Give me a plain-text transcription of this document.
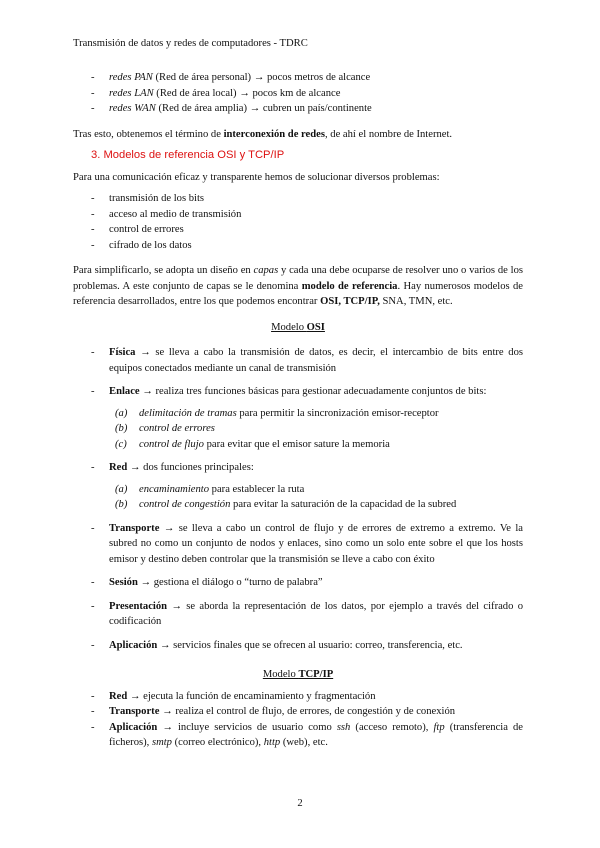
Transmisión de datos y redes de computadores - TDRC
- redes PAN (Red de área personal) → pocos metros de alcance
- redes LAN (Red de área local) → pocos km de alcance
- redes WAN (Red de área amplia) → cubren un país/continente

Tras esto, obtenemos el término de interconexión de redes, de ahí el nombre de Internet.

3. Modelos de referencia OSI y TCP/IP

Para una comunicación eficaz y transparente hemos de solucionar diversos problemas:

- transmisión de los bits
- acceso al medio de transmisión
- control de errores
- cifrado de los datos

Para simplificarlo, se adopta un diseño en capas y cada una debe ocuparse de resolver uno o varios de los problemas. A este conjunto de capas se le denomina modelo de referencia. Hay numerosos modelos de referencia desarrollados, entre los que podemos encontrar OSI, TCP/IP, SNA, TMN, etc.

Modelo OSI

- Física → se lleva a cabo la transmisión de datos, es decir, el intercambio de bits entre dos equipos conectados mediante un canal de transmisión
- Enlace → realiza tres funciones básicas para gestionar adecuadamente conjuntos de bits:
(a) delimitación de tramas para permitir la sincronización emisor-receptor
(b) control de errores
(c) control de flujo para evitar que el emisor sature la memoria
- Red → dos funciones principales:
(a) encaminamiento para establecer la ruta
(b) control de congestión para evitar la saturación de la capacidad de la subred
- Transporte → se lleva a cabo un control de flujo y de errores de extremo a extremo. Ve la subred no como un conjunto de nodos y enlaces, sino como un solo ente sobre el que los hosts emisor y destino deben controlar que la transmisión se lleve a cabo con éxito
- Sesión → gestiona el diálogo o “turno de palabra”
- Presentación → se aborda la representación de los datos, por ejemplo a través del cifrado o codificación
- Aplicación → servicios finales que se ofrecen al usuario: correo, transferencia, etc.

Modelo TCP/IP

- Red → ejecuta la función de encaminamiento y fragmentación
- Transporte → realiza el control de flujo, de errores, de congestión y de conexión
- Aplicación → incluye servicios de usuario como ssh (acceso remoto), ftp (transferencia de ficheros), smtp (correo electrónico), http (web), etc.
2
